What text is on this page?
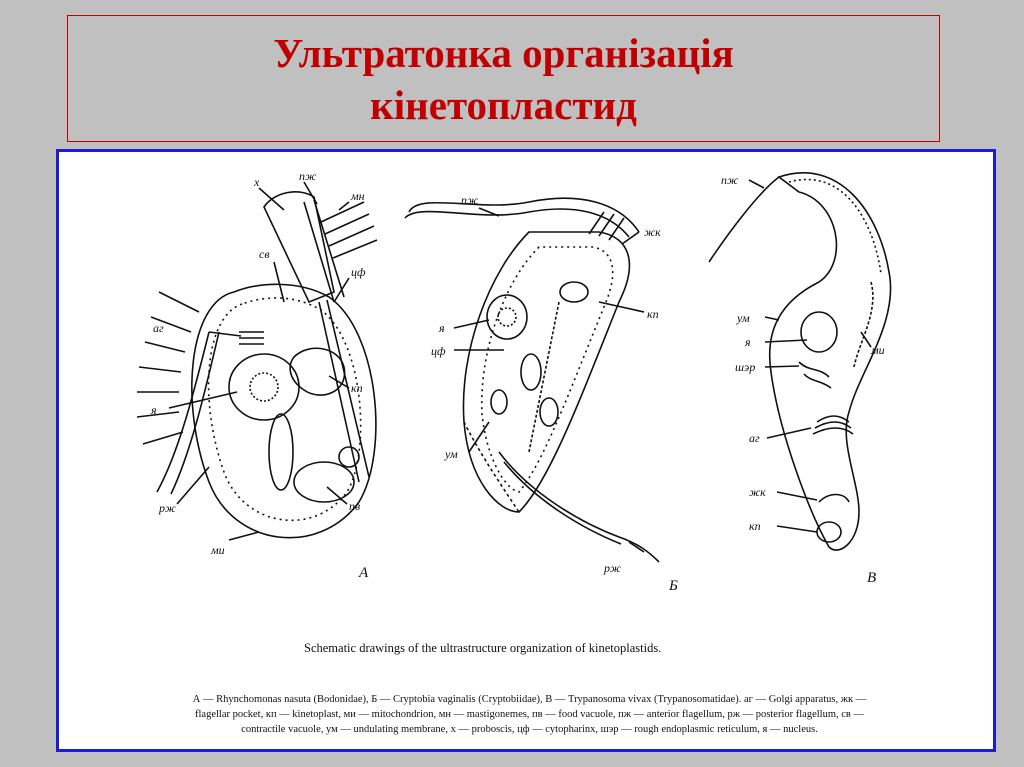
Ультратонка організація
кінетопластид
х	пж
мн
св
аг
я
цф
кп
рж	пв
ми
А
пж
жк
я
цф
кп
ум
рж
Б
пж
ум
я
шэр
ми
аг
жк
кп
В
Schematic drawings of the ultrastructure organization of kinetoplastids.
А — Rhynchomonas nasuta (Bodonidae), Б — Cryptobia vaginalis (Cryptobiidae), В — Trypanosoma vivax (Trypanosomatidae). аг — Golgi apparatus, жк —
flagellar pocket, кп — kinetoplast, ми — mitochondrion, мн — mastigonemes, пв — food vacuole, пж — anterior flagellum, рж — posterior flagellum, св —
contractile vacuole, ум — undulating membrane, х — proboscis, цф — cytopharinx, шэр — rough endoplasmic reticulum, я — nucleus.
